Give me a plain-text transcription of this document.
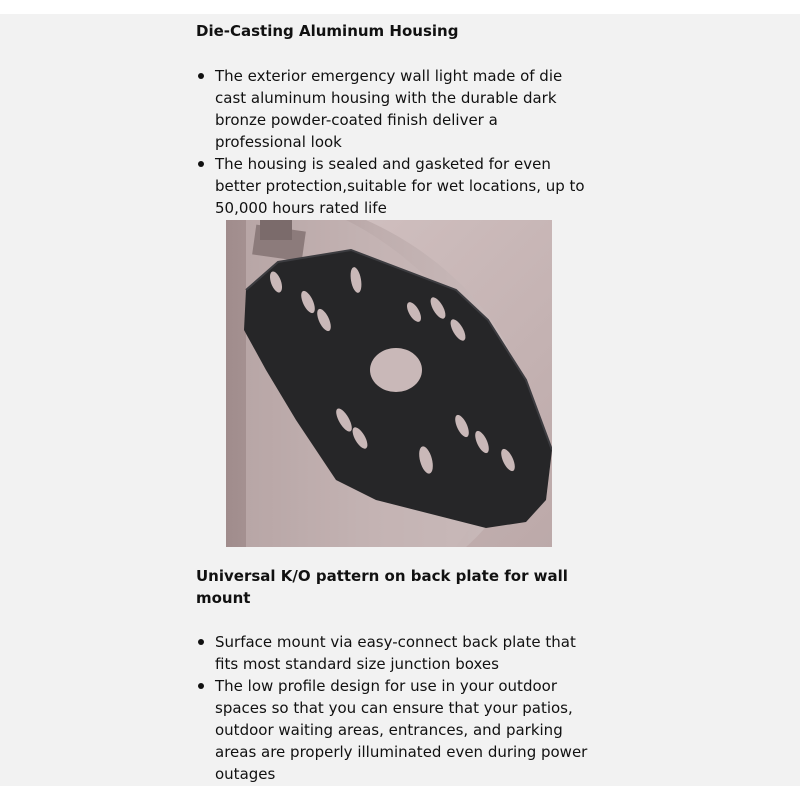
Die-Casting Aluminum Housing
The exterior emergency wall light made of die
cast aluminum housing with the durable dark
bronze powder-coated finish deliver a
professional look
The housing is sealed and gasketed for even
better protection,suitable for wet locations, up to
50,000 hours rated life
Universal K/O pattern on back plate for wall
mount
Surface mount via easy-connect back plate that
fits most standard size junction boxes
The low profile design for use in your outdoor
spaces so that you can ensure that your patios,
outdoor waiting areas, entrances, and parking
areas are properly illuminated even during power
outages
